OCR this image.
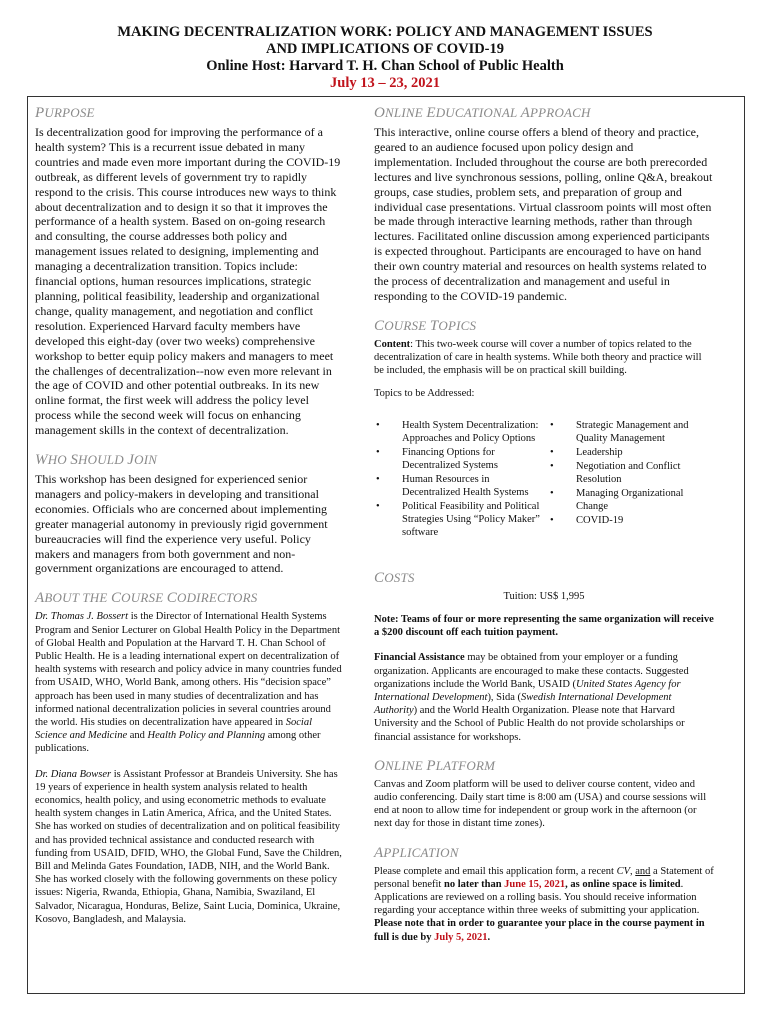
MAKING DECENTRALIZATION WORK: POLICY AND MANAGEMENT ISSUES
AND IMPLICATIONS OF COVID-19
Online Host: Harvard T. H. Chan School of Public Health
July 13 – 23, 2021
PURPOSE
Is decentralization good for improving the performance of a health system? This is a recurrent issue debated in many countries and made even more important during the COVID-19 outbreak, as different levels of government try to rapidly respond to the crisis. This course introduces new ways to think about decentralization and to design it so that it improves the performance of a health system. Based on on-going research and consulting, the course addresses both policy and management issues related to designing, implementing and managing a decentralization transition. Topics include: financial options, human resources implications, strategic planning, political feasibility, leadership and organizational change, quality management, and negotiation and conflict resolution. Experienced Harvard faculty members have developed this eight-day (over two weeks) comprehensive workshop to better equip policy makers and managers to meet the challenges of decentralization--now even more relevant in the age of COVID and other potential outbreaks. In its new online format, the first week will address the policy level process while the second week will focus on enhancing management skills in the context of decentralization.
WHO SHOULD JOIN
This workshop has been designed for experienced senior managers and policy-makers in developing and transitional economies. Officials who are concerned about implementing greater managerial autonomy in previously rigid government bureaucracies will find the experience very useful. Policy makers and managers from both government and non-government organizations are encouraged to attend.
ABOUT THE COURSE CODIRECTORS
Dr. Thomas J. Bossert is the Director of International Health Systems Program and Senior Lecturer on Global Health Policy in the Department of Global Health and Population at the Harvard T. H. Chan School of Public Health. He is a leading international expert on decentralization of health systems with research and policy advice in many countries funded from USAID, WHO, World Bank, among others. His “decision space” approach has been used in many studies of decentralization and has informed national decentralization policies in several countries around the world. His studies on decentralization have appeared in Social Science and Medicine and Health Policy and Planning among other publications.
Dr. Diana Bowser is Assistant Professor at Brandeis University. She has 19 years of experience in health system analysis related to health economics, health policy, and using econometric methods to evaluate health system changes in Latin America, Africa, and the United States. She has worked on studies of decentralization and on political feasibility and has provided technical assistance and conducted research with funding from USAID, DFID, WHO, the Global Fund, Save the Children, Bill and Melinda Gates Foundation, IADB, NIH, and the World Bank. She has worked closely with the following governments on these policy issues: Nigeria, Rwanda, Ethiopia, Ghana, Namibia, Swaziland, El Salvador, Nicaragua, Honduras, Belize, Saint Lucia, Dominica, Ukraine, Kosovo, Bangladesh, and Malaysia.
ONLINE EDUCATIONAL APPROACH
This interactive, online course offers a blend of theory and practice, geared to an audience focused upon policy design and implementation. Included throughout the course are both prerecorded lectures and live synchronous sessions, polling, online Q&A, breakout groups, case studies, problem sets, and preparation of group and individual case presentations. Virtual classroom points will most often be made through interactive learning methods, rather than through lectures. Facilitated online discussion among experienced participants is expected throughout. Participants are encouraged to have on hand their own country material and resources on health systems related to the process of decentralization and management and useful in responding to the COVID-19 pandemic.
COURSE TOPICS
Content: This two-week course will cover a number of topics related to the decentralization of care in health systems. While both theory and practice will be included, the emphasis will be on practical skill building.
Topics to be Addressed:
• Health System Decentralization: Approaches and Policy Options
• Financing Options for Decentralized Systems
• Human Resources in Decentralized Health Systems
• Political Feasibility and Political Strategies Using “Policy Maker” software
• Strategic Management and Quality Management
• Leadership
• Negotiation and Conflict Resolution
• Managing Organizational Change
• COVID-19
COSTS
Tuition: US$ 1,995
Note: Teams of four or more representing the same organization will receive a $200 discount off each tuition payment.
Financial Assistance may be obtained from your employer or a funding organization. Applicants are encouraged to make these contacts. Suggested organizations include the World Bank, USAID (United States Agency for International Development), Sida (Swedish International Development Authority) and the World Health Organization. Please note that Harvard University and the School of Public Health do not provide scholarships or financial assistance for workshops.
ONLINE PLATFORM
Canvas and Zoom platform will be used to deliver course content, video and audio conferencing. Daily start time is 8:00 am (USA) and course sessions will end at noon to allow time for independent or group work in the afternoon (or next day for those in distant time zones).
APPLICATION
Please complete and email this application form, a recent CV, and a Statement of personal benefit no later than June 15, 2021, as online space is limited. Applications are reviewed on a rolling basis. You should receive information regarding your acceptance within three weeks of submitting your application. Please note that in order to guarantee your place in the course payment in full is due by July 5, 2021.
